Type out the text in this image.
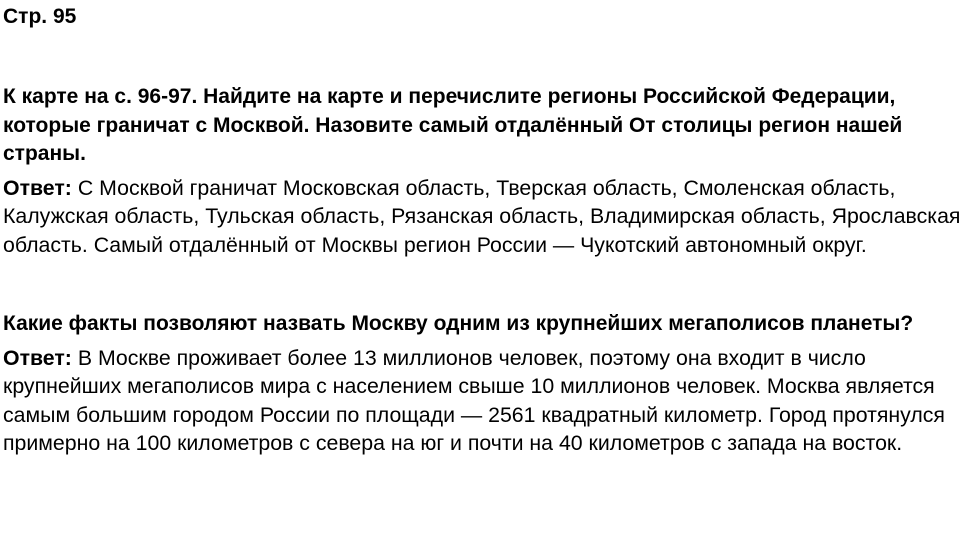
Стр. 95

К карте на с. 96-97. Найдите на карте и перечислите регионы Российской Федерации, которые граничат с Москвой. Назовите самый отдалённый От столицы регион нашей страны.

Ответ: С Москвой граничат Московская область, Тверская область, Смоленская область, Калужская область, Тульская область, Рязанская область, Владимирская область, Ярославская область. Самый отдалённый от Москвы регион России — Чукотский автономный округ.

Какие факты позволяют назвать Москву одним из крупнейших мегаполисов планеты?

Ответ: В Москве проживает более 13 миллионов человек, поэтому она входит в число крупнейших мегаполисов мира с населением свыше 10 миллионов человек. Москва является самым большим городом России по площади — 2561 квадратный километр. Город протянулся примерно на 100 километров с севера на юг и почти на 40 километров с запада на восток.
